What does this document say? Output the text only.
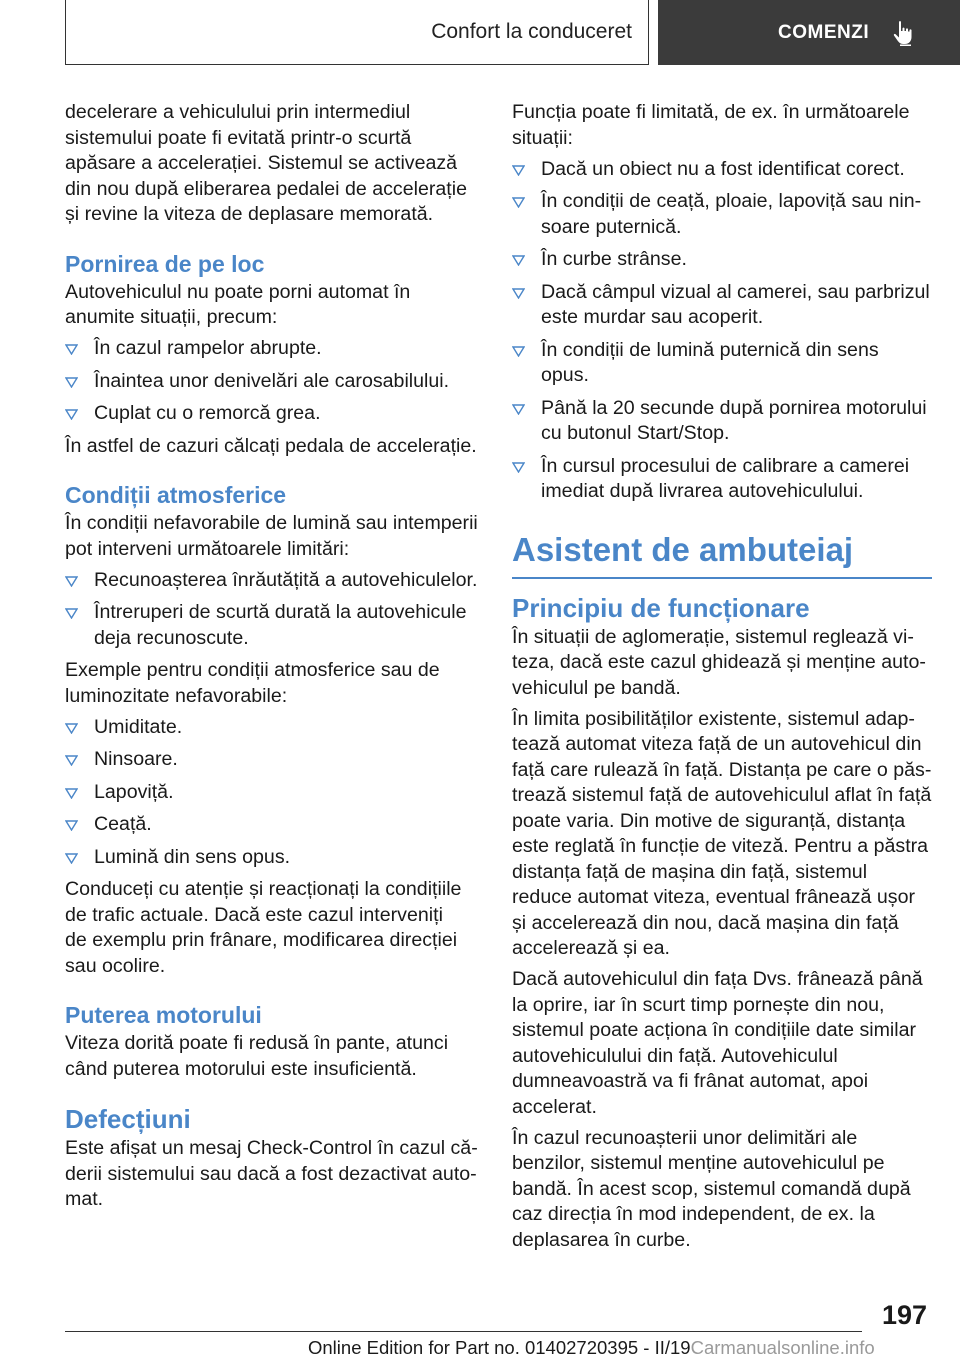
Confort la conduceret	COMENZI

decelerare a vehiculului prin intermediul sistemului poate fi evitată printr-o scurtă apăsare a accelerației. Sistemul se activează din nou după eliberarea pedalei de accelerație și revine la viteza de deplasare memorată.

Pornirea de pe loc

Autovehiculul nu poate porni automat în anumite situații, precum:

În cazul rampelor abrupte.
Înaintea unor denivelări ale carosabilului.
Cuplat cu o remorcă grea.

În astfel de cazuri călcați pedala de accelerație.

Condiții atmosferice

În condiții nefavorabile de lumină sau intemperii pot interveni următoarele limitări:

Recunoașterea înrăutățită a autovehiculelor.
Întreruperi de scurtă durată la autovehicule deja recunoscute.

Exemple pentru condiții atmosferice sau de luminozitate nefavorabile:

Umiditate.
Ninsoare.
Lapoviță.
Ceață.
Lumină din sens opus.

Conduceți cu atenție și reacționați la condițiile de trafic actuale. Dacă este cazul interveniți

de exemplu prin frânare, modificarea direcției sau ocolire.

Puterea motorului

Viteza dorită poate fi redusă în pante, atunci când puterea motorului este insuficientă.

Defecțiuni

Este afișat un mesaj Check-Control în cazul căderii sistemului sau dacă a fost dezactivat automat.

Funcția poate fi limitată, de ex. în următoarele situații:

Dacă un obiect nu a fost identificat corect.
În condiții de ceață, ploaie, lapoviță sau ninsoare puternică.
În curbe strânse.
Dacă câmpul vizual al camerei, sau parbrizul este murdar sau acoperit.
În condiții de lumină puternică din sens opus.
Până la 20 secunde după pornirea motorului cu butonul Start/Stop.
În cursul procesului de calibrare a camerei imediat după livrarea autovehiculului.
Asistent de ambuteiaj
Principiu de funcționare

În situații de aglomerație, sistemul reglează viteza, dacă este cazul ghidează și menține autovehiculul pe bandă.

În limita posibilităților existente, sistemul adaptează automat viteza față de un autovehicul din față care rulează în față. Distanța pe care o păstrează sistemul față de autovehiculul aflat în față poate varia. Din motive de siguranță, distanța este reglată în funcție de viteză. Pentru a păstra distanța față de mașina din față, sistemul reduce automat viteza, eventual frânează ușor și accelerează din nou, dacă mașina din față accelerează și ea.

Dacă autovehiculul din fața Dvs. frânează până la oprire, iar în scurt timp pornește din nou, sistemul poate acționa în condițiile date similar autovehiculului din față. Autovehiculul dumneavoastră va fi frânat automat, apoi accelerat.

În cazul recunoașterii unor delimitări ale benzilor, sistemul menține autovehiculul pe bandă. În acest scop, sistemul comandă după caz direcția în mod independent, de ex. la deplasarea în curbe.

197
Online Edition for Part no. 01402720395 - II/19Carmanualsonline.info
